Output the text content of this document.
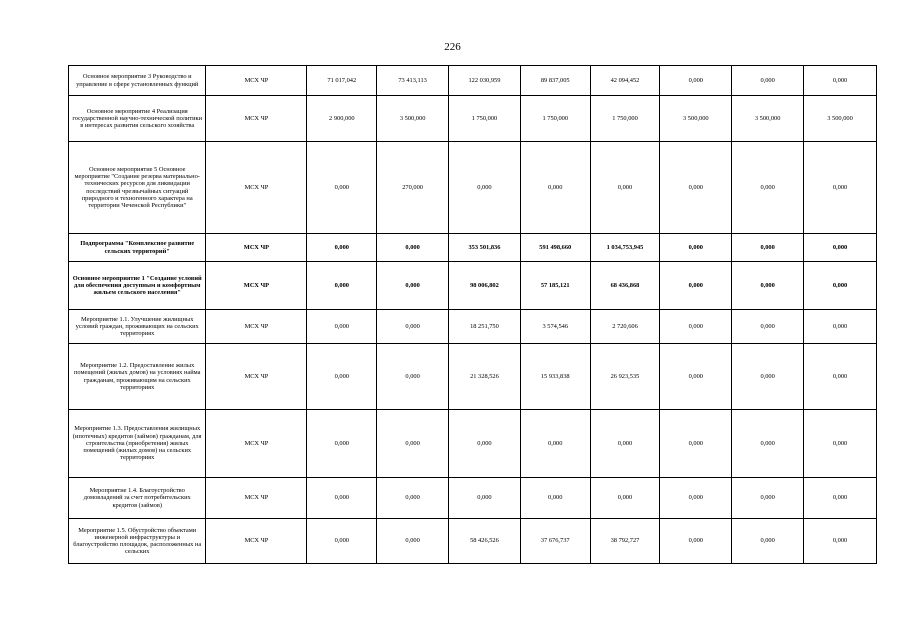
226
Основное мероприятие 3 Руководство и управление в сфере установленных функций	МСХ ЧР	71 017,042	73 413,113	122 030,959	89 837,005	42 094,452	0,000	0,000	0,000
Основное мероприятие 4 Реализация государственной научно-технической политики в интересах развития сельского хозяйства	МСХ ЧР	2 900,000	3 500,000	1 750,000	1 750,000	1 750,000	3 500,000	3 500,000	3 500,000
Основное мероприятие 5 Основное мероприятие "Создание резерва материально-технических ресурсов для ликвидации последствий чрезвычайных ситуаций природного и техногенного характера на территории Чеченской Республики"	МСХ ЧР	0,000	270,000	0,000	0,000	0,000	0,000	0,000	0,000
Подпрограмма "Комплексное развитие сельских территорий"	МСХ ЧР	0,000	0,000	353 501,836	591 498,660	1 034,753,945	0,000	0,000	0,000
Основное мероприятие 1 "Создание условий для обеспечения доступным и комфортным жильем сельского населения"	МСХ ЧР	0,000	0,000	98 006,802	57 185,121	68 436,868	0,000	0,000	0,000
Мероприятие 1.1. Улучшение жилищных условий граждан, проживающих на сельских территориях	МСХ ЧР	0,000	0,000	18 251,750	3 574,546	2 720,606	0,000	0,000	0,000
Мероприятие 1.2. Предоставление жилых помещений (жилых домов) на условиях найма гражданам, проживающим на сельских территориях	МСХ ЧР	0,000	0,000	21 328,526	15 933,838	26 923,535	0,000	0,000	0,000
Мероприятие 1.3. Предоставления жилищных (ипотечных) кредитов (займов) гражданам, для строительства (приобретения) жилых помещений (жилых домов) на сельских территориях	МСХ ЧР	0,000	0,000	0,000	0,000	0,000	0,000	0,000	0,000
Мероприятие 1.4. Благоустройство домовладений за счет потребительских кредитов (займов)	МСХ ЧР	0,000	0,000	0,000	0,000	0,000	0,000	0,000	0,000
Мероприятие 1.5. Обустройство объектами инженерной инфраструктуры и благоустройство площадок, расположенных на сельских	МСХ ЧР	0,000	0,000	58 426,526	37 676,737	38 792,727	0,000	0,000	0,000
